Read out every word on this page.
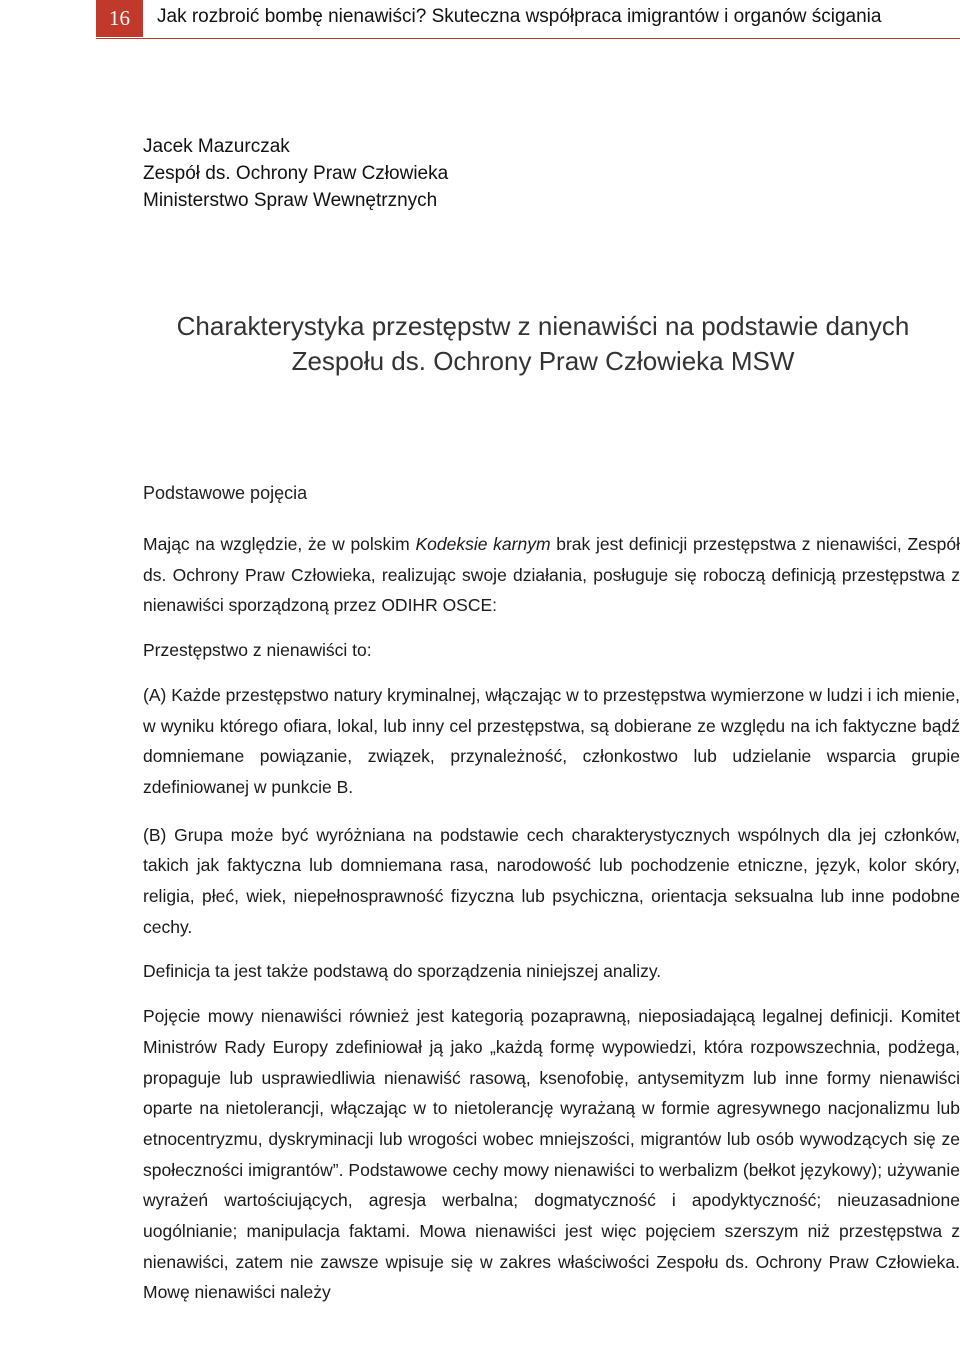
16 Jak rozbroić bombę nienawiści? Skuteczna współpraca imigrantów i organów ścigania
Jacek Mazurczak
Zespół ds. Ochrony Praw Człowieka
Ministerstwo Spraw Wewnętrznych
Charakterystyka przestępstw z nienawiści na podstawie danych
Zespołu ds. Ochrony Praw Człowieka MSW
Podstawowe pojęcia

Mając na względzie, że w polskim Kodeksie karnym brak jest definicji przestępstwa z nienawiści, Zespół ds. Ochrony Praw Człowieka, realizując swoje działania, posługuje się roboczą definicją przestępstwa z nienawiści sporządzoną przez ODIHR OSCE:

Przestępstwo z nienawiści to:

(A) Każde przestępstwo natury kryminalnej, włączając w to przestępstwa wymierzone w ludzi i ich mienie, w wyniku którego ofiara, lokal, lub inny cel przestępstwa, są dobierane ze względu na ich faktyczne bądź domniemane powiązanie, związek, przynależność, członkostwo lub udzielanie wsparcia grupie zdefiniowanej w punkcie B.

(B) Grupa może być wyróżniana na podstawie cech charakterystycznych wspólnych dla jej członków, takich jak faktyczna lub domniemana rasa, narodowość lub pochodzenie etniczne, język, kolor skóry, religia, płeć, wiek, niepełnosprawność fizyczna lub psychiczna, orientacja seksualna lub inne podobne cechy.

Definicja ta jest także podstawą do sporządzenia niniejszej analizy.

Pojęcie mowy nienawiści również jest kategorią pozaprawną, nieposiadającą legalnej definicji. Komitet Ministrów Rady Europy zdefiniował ją jako „każdą formę wypowiedzi, która rozpowszechnia, podżega, propaguje lub usprawiedliwia nienawiść rasową, ksenofobię, antysemityzm lub inne formy nienawiści oparte na nietolerancji, włączając w to nietolerancję wyrażaną w formie agresywnego nacjonalizmu lub etnocentryzmu, dyskryminacji lub wrogości wobec mniejszości, migrantów lub osób wywodzących się ze społeczności imigrantów”. Podstawowe cechy mowy nienawiści to werbalizm (bełkot językowy); używanie wyrażeń wartościujących, agresja werbalna; dogmatyczność i apodyktyczność; nieuzasadnione uogólnianie; manipulacja faktami. Mowa nienawiści jest więc pojęciem szerszym niż przestępstwa z nienawiści, zatem nie zawsze wpisuje się w zakres właściwości Zespołu ds. Ochrony Praw Człowieka. Mowę nienawiści należy
